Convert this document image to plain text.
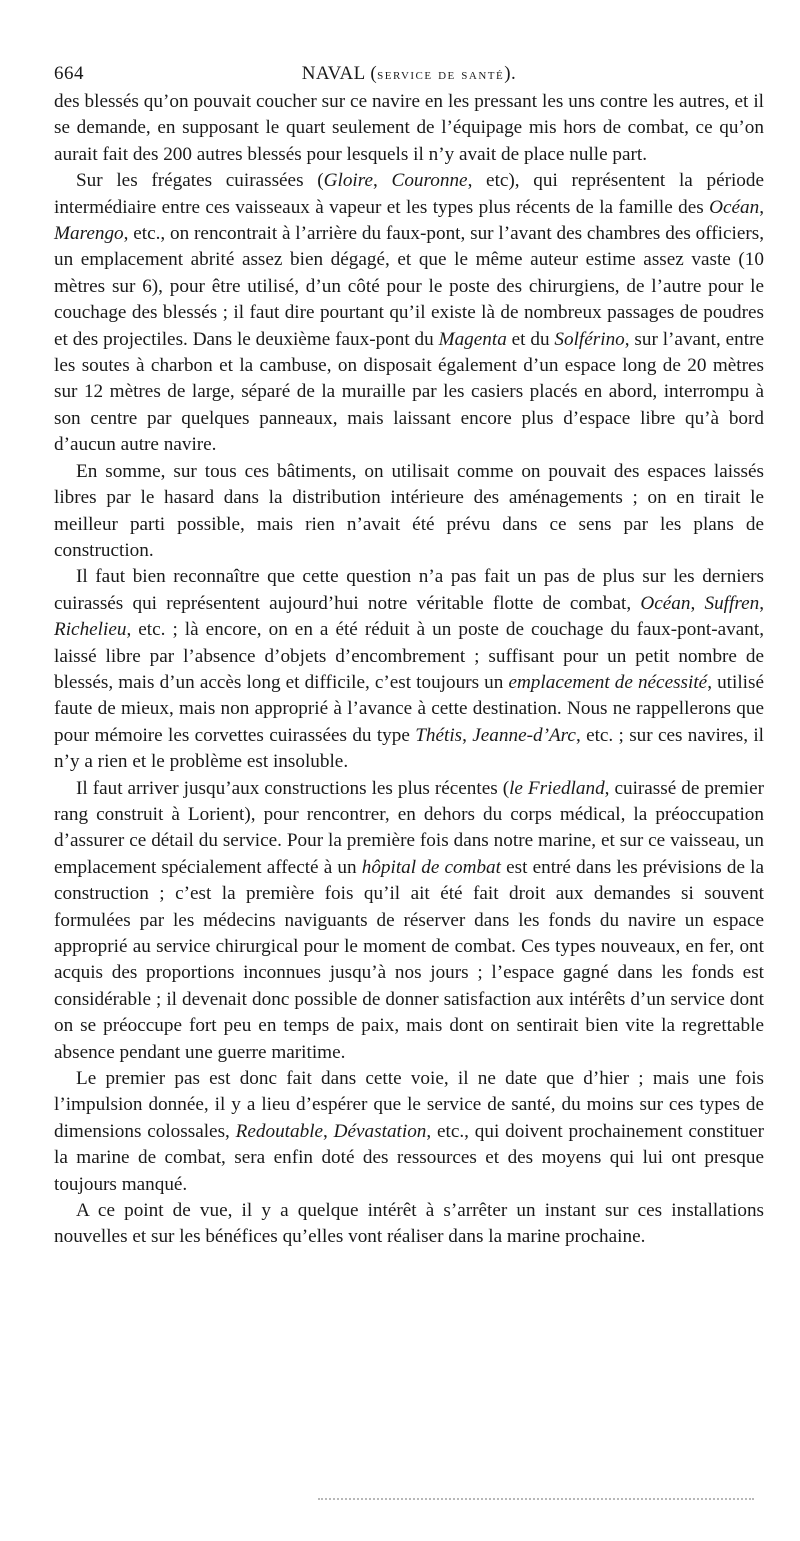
664	NAVAL (service de santé).

des blessés qu’on pouvait coucher sur ce navire en les pressant les uns contre les autres, et il se demande, en supposant le quart seulement de l’équipage mis hors de combat, ce qu’on aurait fait des 200 autres blessés pour lesquels il n’y avait de place nulle part.

Sur les frégates cuirassées (Gloire, Couronne, etc), qui représentent la période intermédiaire entre ces vaisseaux à vapeur et les types plus récents de la famille des Océan, Marengo, etc., on rencontrait à l’arrière du faux-pont, sur l’avant des chambres des officiers, un emplacement abrité assez bien dégagé, et que le même auteur estime assez vaste (10 mètres sur 6), pour être utilisé, d’un côté pour le poste des chirurgiens, de l’autre pour le couchage des blessés ; il faut dire pourtant qu’il existe là de nombreux passages de poudres et des projectiles. Dans le deuxième faux-pont du Magenta et du Solférino, sur l’avant, entre les soutes à charbon et la cambuse, on disposait également d’un espace long de 20 mètres sur 12 mètres de large, séparé de la muraille par les casiers placés en abord, interrompu à son centre par quelques panneaux, mais laissant encore plus d’espace libre qu’à bord d’aucun autre navire.

En somme, sur tous ces bâtiments, on utilisait comme on pouvait des espaces laissés libres par le hasard dans la distribution intérieure des aménagements ; on en tirait le meilleur parti possible, mais rien n’avait été prévu dans ce sens par les plans de construction.

Il faut bien reconnaître que cette question n’a pas fait un pas de plus sur les derniers cuirassés qui représentent aujourd’hui notre véritable flotte de combat, Océan, Suffren, Richelieu, etc. ; là encore, on en a été réduit à un poste de couchage du faux-pont-avant, laissé libre par l’absence d’objets d’encombrement ; suffisant pour un petit nombre de blessés, mais d’un accès long et difficile, c’est toujours un emplacement de nécessité, utilisé faute de mieux, mais non approprié à l’avance à cette destination. Nous ne rappellerons que pour mémoire les corvettes cuirassées du type Thétis, Jeanne-d’Arc, etc. ; sur ces navires, il n’y a rien et le problème est insoluble.

Il faut arriver jusqu’aux constructions les plus récentes (le Friedland, cuirassé de premier rang construit à Lorient), pour rencontrer, en dehors du corps médical, la préoccupation d’assurer ce détail du service. Pour la première fois dans notre marine, et sur ce vaisseau, un emplacement spécialement affecté à un hôpital de combat est entré dans les prévisions de la construction ; c’est la première fois qu’il ait été fait droit aux demandes si souvent formulées par les médecins naviguants de réserver dans les fonds du navire un espace approprié au service chirurgical pour le moment de combat. Ces types nouveaux, en fer, ont acquis des proportions inconnues jusqu’à nos jours ; l’espace gagné dans les fonds est considérable ; il devenait donc possible de donner satisfaction aux intérêts d’un service dont on se préoccupe fort peu en temps de paix, mais dont on sentirait bien vite la regrettable absence pendant une guerre maritime.

Le premier pas est donc fait dans cette voie, il ne date que d’hier ; mais une fois l’impulsion donnée, il y a lieu d’espérer que le service de santé, du moins sur ces types de dimensions colossales, Redoutable, Dévastation, etc., qui doivent prochainement constituer la marine de combat, sera enfin doté des ressources et des moyens qui lui ont presque toujours manqué.

A ce point de vue, il y a quelque intérêt à s’arrêter un instant sur ces installations nouvelles et sur les bénéfices qu’elles vont réaliser dans la marine prochaine.
